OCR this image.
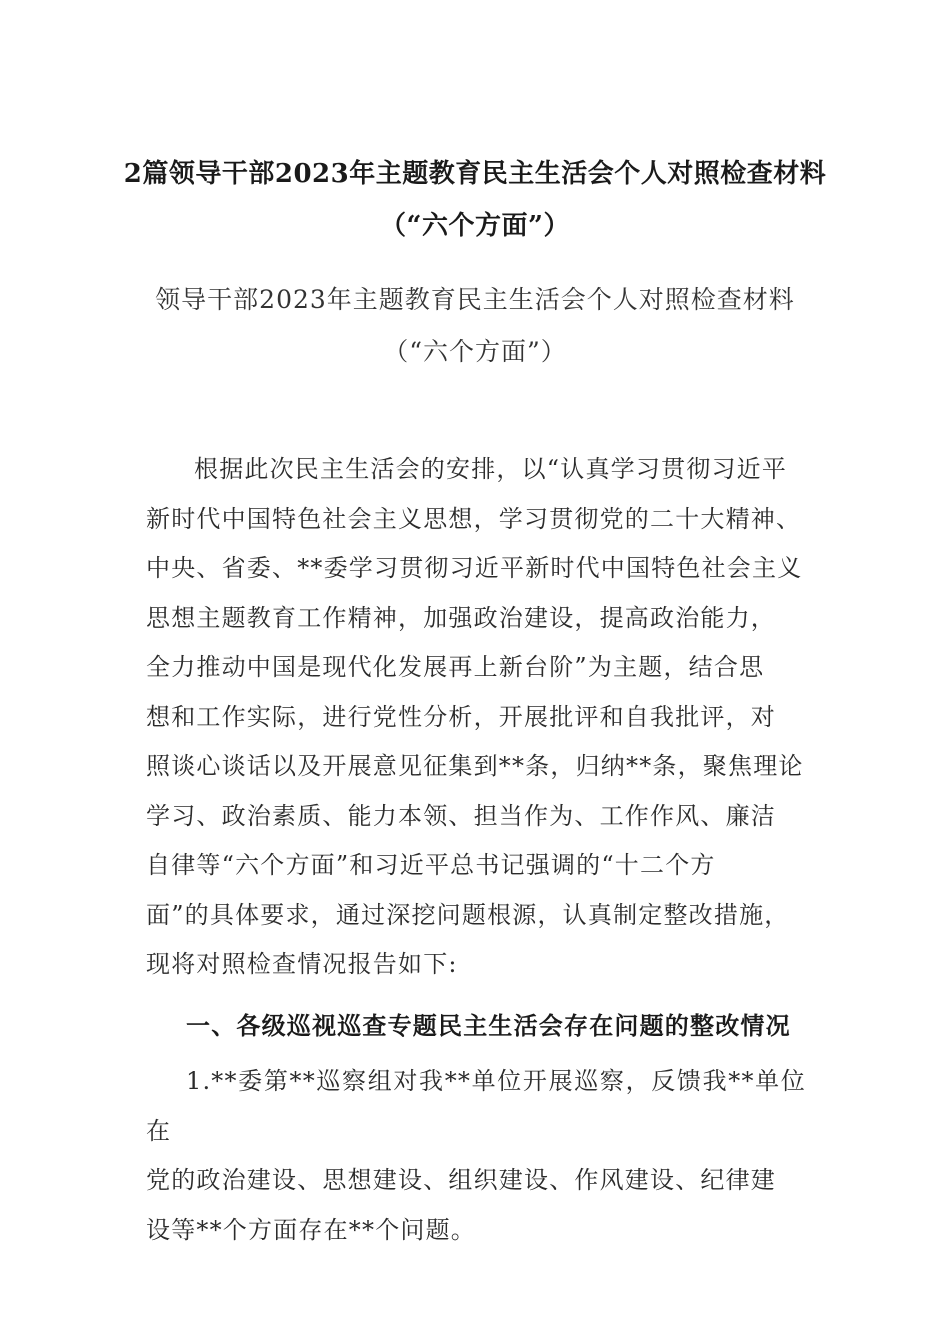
2篇领导干部2023年主题教育民主生活会个人对照检查材料
（“六个方面”）
领导干部2023年主题教育民主生活会个人对照检查材料
（“六个方面”）
根据此次民主生活会的安排，以“认真学习贯彻习近平
新时代中国特色社会主义思想，学习贯彻党的二十大精神、
中央、省委、**委学习贯彻习近平新时代中国特色社会主义
思想主题教育工作精神，加强政治建设，提高政治能力，
全力推动中国是现代化发展再上新台阶”为主题，结合思
想和工作实际，进行党性分析，开展批评和自我批评，对
照谈心谈话以及开展意见征集到**条，归纳**条，聚焦理论
学习、政治素质、能力本领、担当作为、工作作风、廉洁
自律等“六个方面”和习近平总书记强调的“十二个方
面”的具体要求，通过深挖问题根源，认真制定整改措施，
现将对照检查情况报告如下:
一、各级巡视巡查专题民主生活会存在问题的整改情况
1.**委第**巡察组对我**单位开展巡察，反馈我**单位在
党的政治建设、思想建设、组织建设、作风建设、纪律建
设等**个方面存在**个问题。
